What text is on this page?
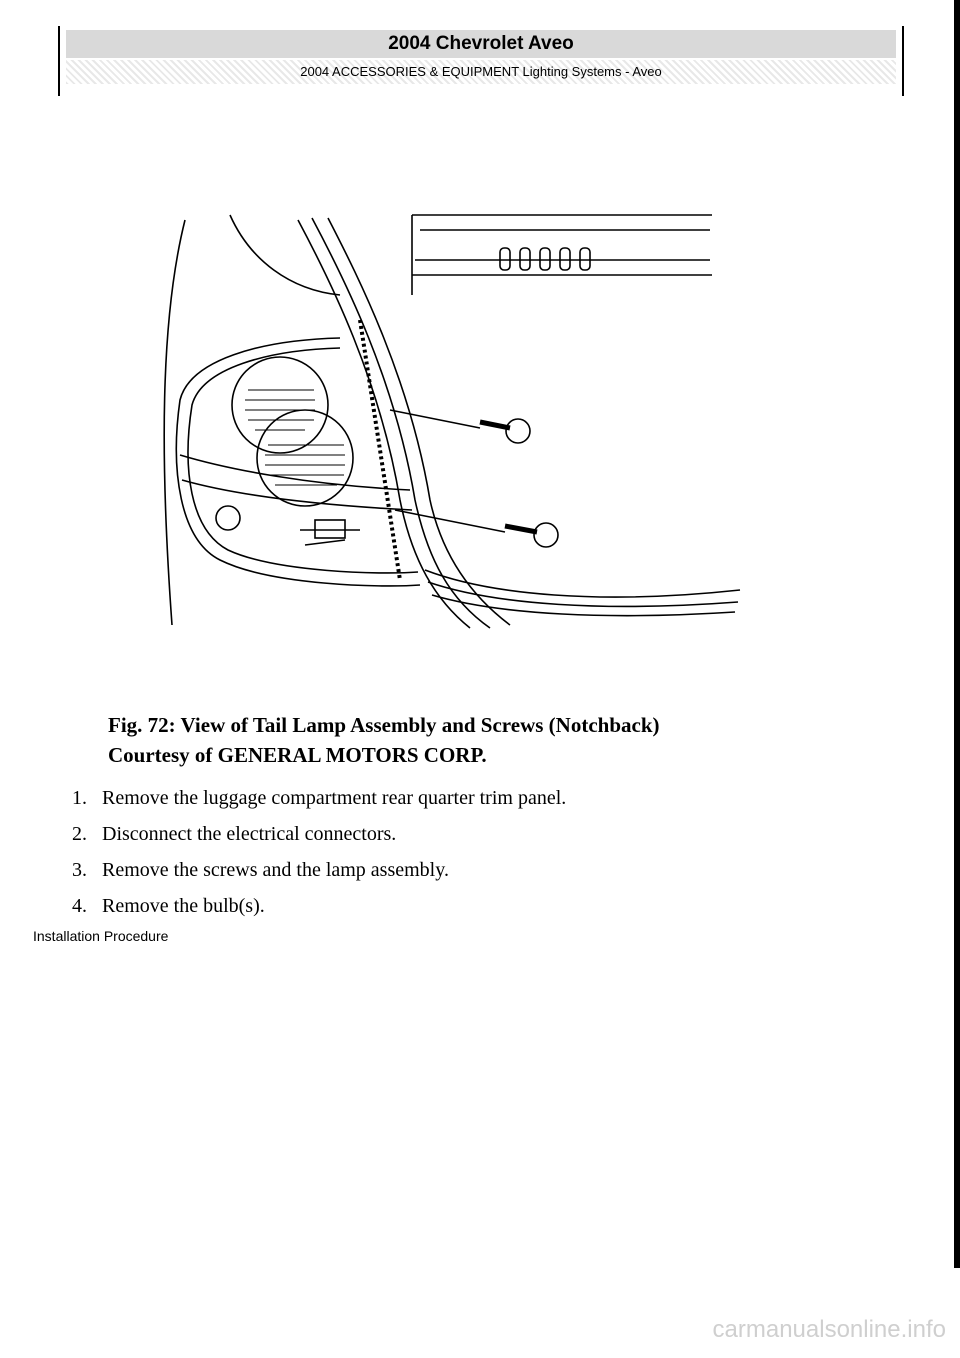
2004 Chevrolet Aveo
2004 ACCESSORIES & EQUIPMENT Lighting Systems - Aveo
Fig. 72: View of Tail Lamp Assembly and Screws (Notchback)
Courtesy of GENERAL MOTORS CORP.
1. Remove the luggage compartment rear quarter trim panel.
2. Disconnect the electrical connectors.
3. Remove the screws and the lamp assembly.
4. Remove the bulb(s).
Installation Procedure
carmanualsonline.info
